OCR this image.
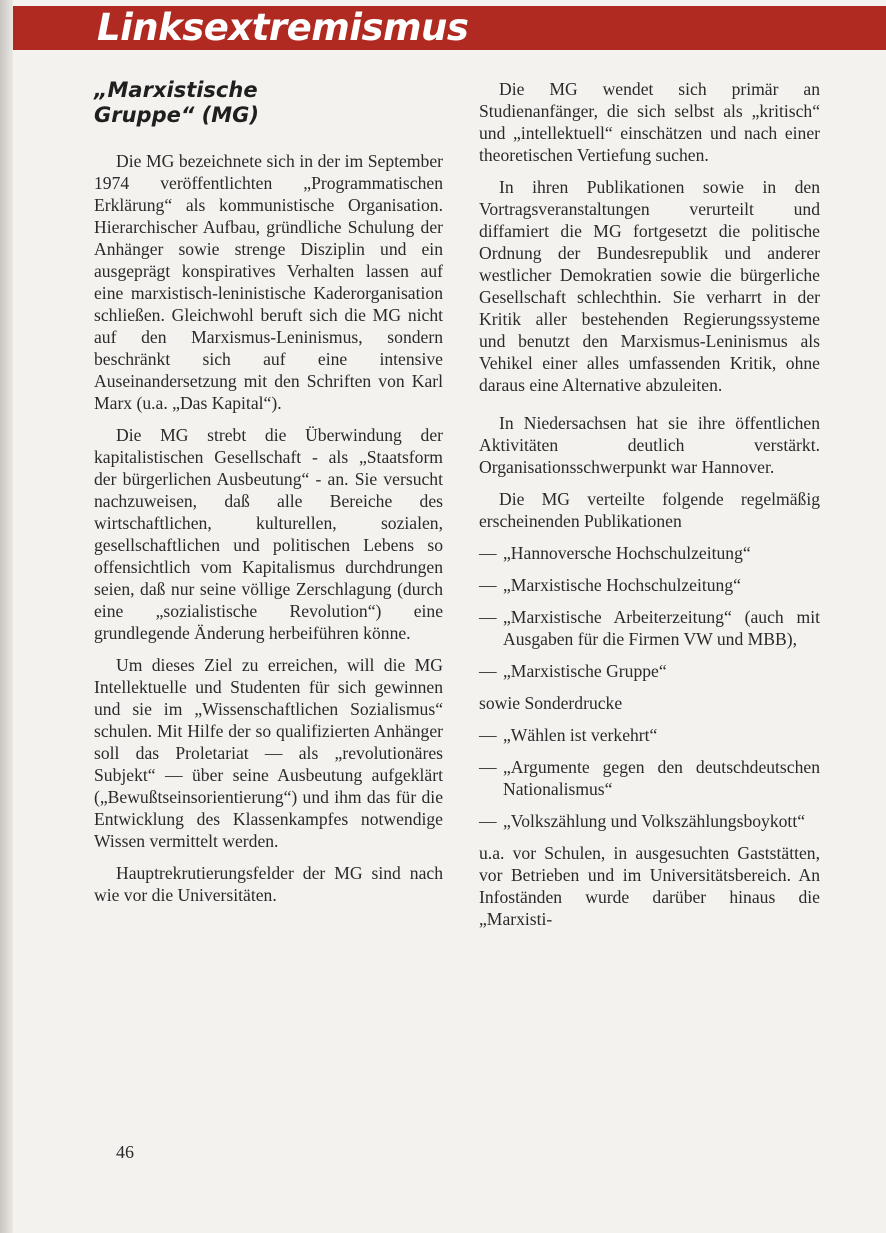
Linksextremismus
„Marxistische
Gruppe“ (MG)

Die MG bezeichnete sich in der im September 1974 veröffentlichten „Programmatischen Erklärung“ als kommunistische Organisation. Hierarchischer Aufbau, gründliche Schulung der Anhänger sowie strenge Disziplin und ein ausgeprägt konspiratives Verhalten lassen auf eine marxistisch-leninistische Kaderorganisation schließen. Gleichwohl beruft sich die MG nicht auf den Marxismus-Leninismus, sondern beschränkt sich auf eine intensive Auseinandersetzung mit den Schriften von Karl Marx (u.a. „Das Kapital“).

Die MG strebt die Überwindung der kapitalistischen Gesellschaft - als „Staatsform der bürgerlichen Ausbeutung“ - an. Sie versucht nachzuweisen, daß alle Bereiche des wirtschaftlichen, kulturellen, sozialen, gesellschaftlichen und politischen Lebens so offensichtlich vom Kapitalismus durchdrungen seien, daß nur seine völlige Zerschlagung (durch eine „sozialistische Revolution“) eine grundlegende Änderung herbeiführen könne.

Um dieses Ziel zu erreichen, will die MG Intellektuelle und Studenten für sich gewinnen und sie im „Wissenschaftlichen Sozialismus“ schulen. Mit Hilfe der so qualifizierten Anhänger soll das Proletariat — als „revolutionäres Subjekt“ — über seine Ausbeutung aufgeklärt („Bewußtseinsorientierung“) und ihm das für die Entwicklung des Klassenkampfes notwendige Wissen vermittelt werden.

Hauptrekrutierungsfelder der MG sind nach wie vor die Universitäten.

Die MG wendet sich primär an Studienanfänger, die sich selbst als „kritisch“ und „intellektuell“ einschätzen und nach einer theoretischen Vertiefung suchen.

In ihren Publikationen sowie in den Vortragsveranstaltungen verurteilt und diffamiert die MG fortgesetzt die politische Ordnung der Bundesrepublik und anderer westlicher Demokratien sowie die bürgerliche Gesellschaft schlechthin. Sie verharrt in der Kritik aller bestehenden Regierungssysteme und benutzt den Marxismus-Leninismus als Vehikel einer alles umfassenden Kritik, ohne daraus eine Alternative abzuleiten.

In Niedersachsen hat sie ihre öffentlichen Aktivitäten deutlich verstärkt. Organisationsschwerpunkt war Hannover.

Die MG verteilte folgende regelmäßig erscheinenden Publikationen

— „Hannoversche Hochschulzeitung“
— „Marxistische Hochschulzeitung“
— „Marxistische Arbeiterzeitung“ (auch mit Ausgaben für die Firmen VW und MBB),
— „Marxistische Gruppe“

sowie Sonderdrucke

— „Wählen ist verkehrt“
— „Argumente gegen den deutschdeutschen Nationalismus“
— „Volkszählung und Volkszählungsboykott“

u.a. vor Schulen, in ausgesuchten Gaststätten, vor Betrieben und im Universitätsbereich. An Infoständen wurde darüber hinaus die „Marxisti-

46
